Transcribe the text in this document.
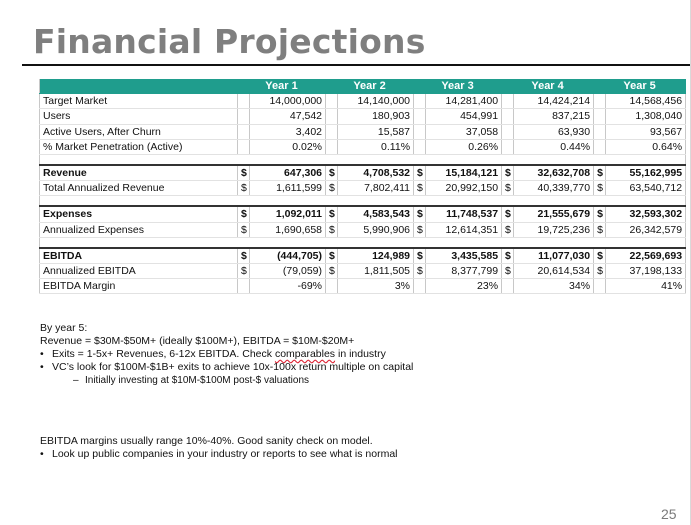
Financial Projections
	Year 1		Year 2		Year 3		Year 4		Year 5	
Target Market		14,000,000		14,140,000		14,281,400		14,424,214		14,568,456
Users		47,542		180,903		454,991		837,215		1,308,040
Active Users, After Churn		3,402		15,587		37,058		63,930		93,567
% Market Penetration (Active)		0.02%		0.11%		0.26%		0.44%		0.64%

Revenue	$	647,306	$	4,708,532	$	15,184,121	$	32,632,708	$	55,162,995
Total Annualized Revenue	$	1,611,599	$	7,802,411	$	20,992,150	$	40,339,770	$	63,540,712

Expenses	$	1,092,011	$	4,583,543	$	11,748,537	$	21,555,679	$	32,593,302
Annualized Expenses	$	1,690,658	$	5,990,906	$	12,614,351	$	19,725,236	$	26,342,579

EBITDA	$	(444,705)	$	124,989	$	3,435,585	$	11,077,030	$	22,569,693
Annualized EBITDA	$	(79,059)	$	1,811,505	$	8,377,799	$	20,614,534	$	37,198,133
EBITDA Margin		-69%		3%		23%		34%		41%

By year 5:

Revenue = $30M-$50M+ (ideally $100M+), EBITDA = $10M-$20M+

• Exits = 1-5x+ Revenues, 6-12x EBITDA. Check comparables in industry

• VC’s look for $100M-$1B+ exits to achieve 10x-100x return multiple on capital

– Initially investing at $10M-$100M post-$ valuations

EBITDA margins usually range 10%-40%. Good sanity check on model.

• Look up public companies in your industry or reports to see what is normal

25
